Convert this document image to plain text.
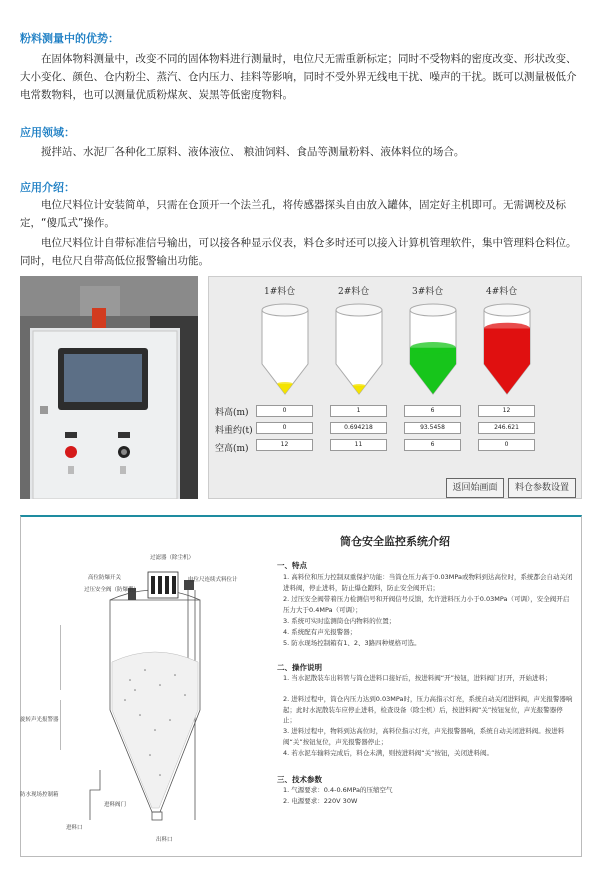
粉料测量中的优势：
在固体物料测量中，改变不同的固体物料进行测量时，电位尺无需重新标定；同时不受物料的密度改变、形状改变、大小变化、颜色、仓内粉尘、蒸汽、仓内压力、挂料等影响，同时不受外界无线电干扰、噪声的干扰。既可以测量极低介电常数物料，也可以测量优质粉煤灰、炭黑等低密度物料。
应用领域：
搅拌站、水泥厂各种化工原料、液体液位、 粮油饲料、食品等测量粉料、液体料位的场合。
应用介绍：
电位尺料位计安装简单，只需在仓顶开一个法兰孔，将传感器探头自由放入罐体，固定好主机即可。无需调校及标定，“傻瓜式”操作。
电位尺料位计自带标准信号输出，可以接各种显示仪表，料仓多时还可以接入计算机管理软件，集中管理料仓料位。同时，电位尺自带高低位报警输出功能。
1#料仓	2#料仓	3#料仓	4#料仓
料高(m)
料重约(t)
空高(m)
0	1	6	12
0	0.694218	93.5458	246.621
12	11	6	0
返回始画面	料仓参数设置
筒仓安全监控系统介绍
过滤器（除尘机）
高位防爆开关
过压安全阀（防爆型）
电位尺连续式料位计
旋转声光报警器
防水现场控制箱
进料阀门
进料口
出料口
一、特点
1. 高料位和压力控制双重保护功能：当筒仓压力高于0.03MPa或物料到达高位时，系统都会自动关闭进料阀，停止进料，防止爆仓跑料，防止安全阀开启；
2. 过压安全阀带着压力检测信号和开阀信号反馈，允许进料压力小于0.03MPa（可调），安全阀开启压力大于0.4MPa（可调）；
3. 系统可实时监测筒仓内物料的位置；
4. 系统配有声光报警器；
5. 防水现场控制箱有1、2、3路四种规格可选。
二、操作说明
1. 当水泥散装车出料管与筒仓进料口接好后，按进料阀“开”按钮，进料阀门打开，开始进料；
2. 进料过程中，筒仓内压力达到0.03MPa时，压力高指示灯亮，系统自动关闭进料阀，声光报警器响起；此时水泥散装车应停止进料，检查设备（除尘机）后，按进料阀“关”按钮复位，声光报警器停止；
3. 进料过程中，物料到达高位时，高料位指示灯亮，声光报警器响，系统自动关闭进料阀。按进料阀“关”按钮复位，声光报警器停止；
4. 若水泥车输料完成后，料仓未满，则按进料阀“关”按钮，关闭进料阀。
三、技术参数
1. 气源要求：0.4-0.6MPa的压缩空气
2. 电源要求：220V 30W
